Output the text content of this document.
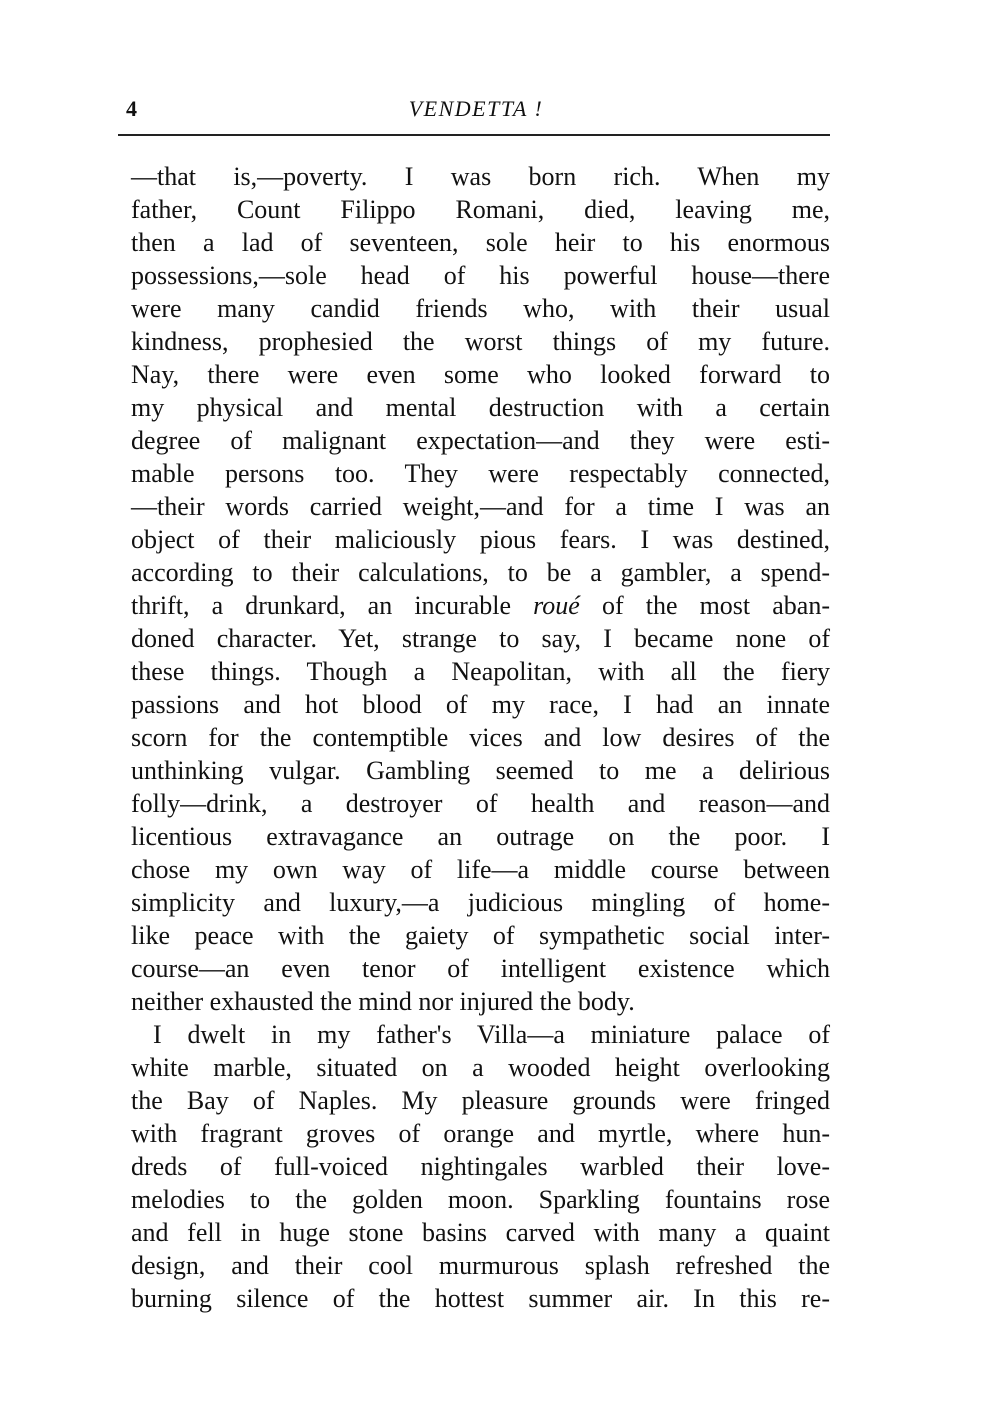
4	VENDETTA !
—that is,—poverty. I was born rich. When my
father, Count Filippo Romani, died, leaving me,
then a lad of seventeen, sole heir to his enormous
possessions,—sole head of his powerful house—there
were many candid friends who, with their usual
kindness, prophesied the worst things of my future.
Nay, there were even some who looked forward to
my physical and mental destruction with a certain
degree of malignant expectation—and they were esti-
mable persons too. They were respectably connected,
—their words carried weight,—and for a time I was an
object of their maliciously pious fears. I was destined,
according to their calculations, to be a gambler, a spend-
thrift, a drunkard, an incurable roué of the most aban-
doned character. Yet, strange to say, I became none of
these things. Though a Neapolitan, with all the fiery
passions and hot blood of my race, I had an innate
scorn for the contemptible vices and low desires of the
unthinking vulgar. Gambling seemed to me a delirious
folly—drink, a destroyer of health and reason—and
licentious extravagance an outrage on the poor. I
chose my own way of life—a middle course between
simplicity and luxury,—a judicious mingling of home-
like peace with the gaiety of sympathetic social inter-
course—an even tenor of intelligent existence which
neither exhausted the mind nor injured the body.
I dwelt in my father's Villa—a miniature palace of
white marble, situated on a wooded height overlooking
the Bay of Naples. My pleasure grounds were fringed
with fragrant groves of orange and myrtle, where hun-
dreds of full-voiced nightingales warbled their love-
melodies to the golden moon. Sparkling fountains rose
and fell in huge stone basins carved with many a quaint
design, and their cool murmurous splash refreshed the
burning silence of the hottest summer air. In this re-
